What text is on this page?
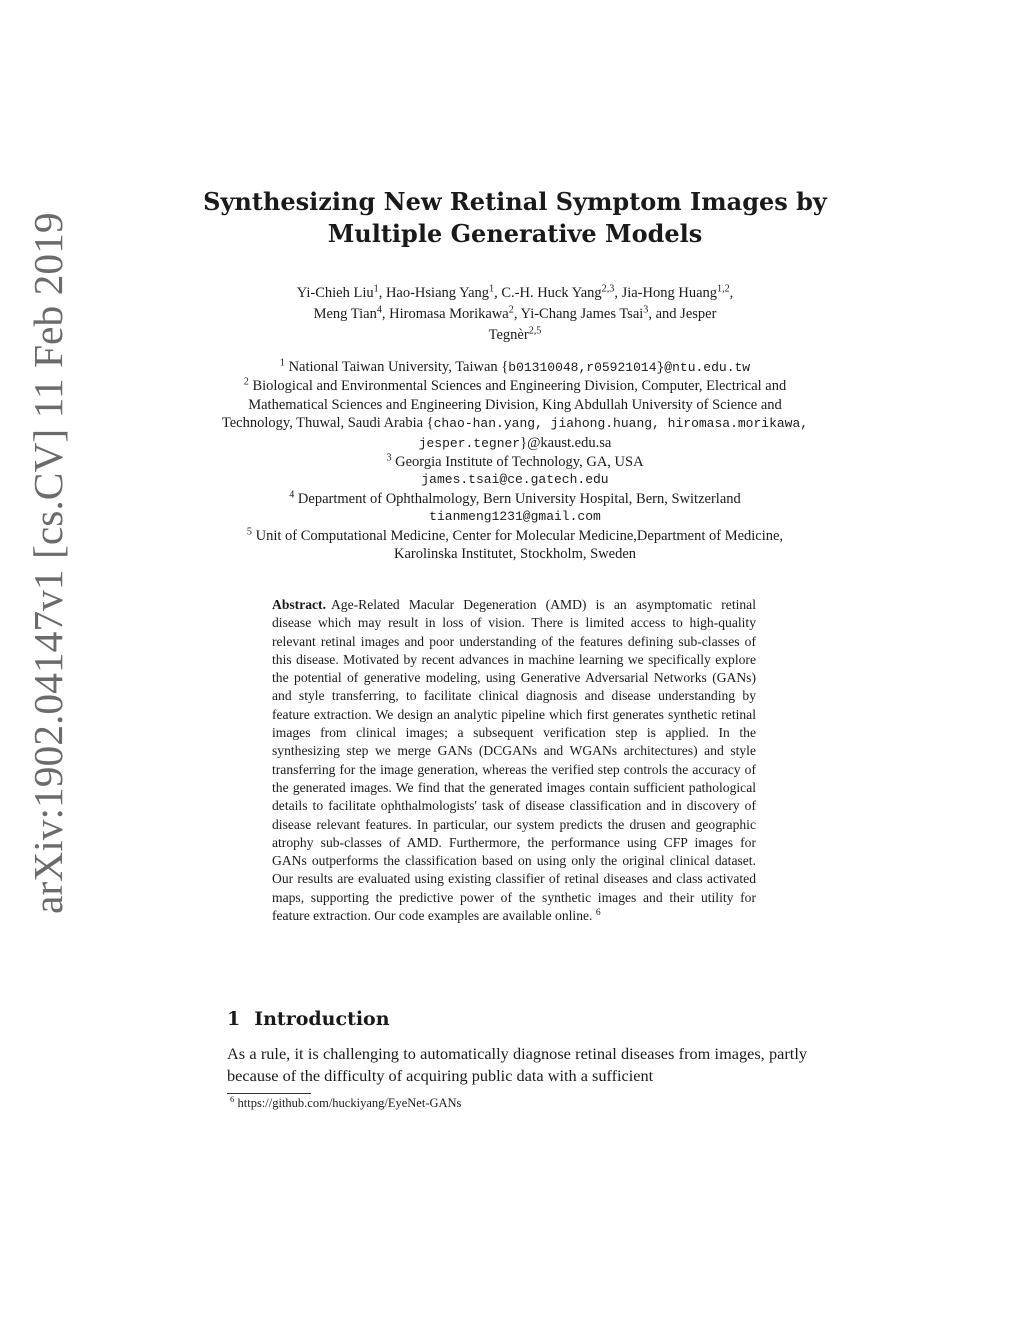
arXiv:1902.04147v1 [cs.CV] 11 Feb 2019
Synthesizing New Retinal Symptom Images by
Multiple Generative Models
Yi-Chieh Liu$^1$, Hao-Hsiang Yang$^1$, C.-H. Huck Yang$^{2,3}$, Jia-Hong Huang$^{1,2}$,
Meng Tian$^4$, Hiromasa Morikawa$^2$, Yi-Chang James Tsai$^3$, and Jesper
Tegnèr$^{2,5}$
$^1$ National Taiwan University, Taiwan {b01310048,r05921014}@ntu.edu.tw
$^2$ Biological and Environmental Sciences and Engineering Division, Computer, Electrical and Mathematical Sciences and Engineering Division, King Abdullah University of Science and Technology, Thuwal, Saudi Arabia {chao-han.yang, jiahong.huang, hiromasa.morikawa, jesper.tegner}@kaust.edu.sa
$^3$ Georgia Institute of Technology, GA, USA
james.tsai@ce.gatech.edu
$^4$ Department of Ophthalmology, Bern University Hospital, Bern, Switzerland
tianmeng1231@gmail.com
$^5$ Unit of Computational Medicine, Center for Molecular Medicine,Department of Medicine, Karolinska Institutet, Stockholm, Sweden
Abstract. Age-Related Macular Degeneration (AMD) is an asymptomatic retinal disease which may result in loss of vision. There is limited access to high-quality relevant retinal images and poor understanding of the features defining sub-classes of this disease. Motivated by recent advances in machine learning we specifically explore the potential of generative modeling, using Generative Adversarial Networks (GANs) and style transferring, to facilitate clinical diagnosis and disease understanding by feature extraction. We design an analytic pipeline which first generates synthetic retinal images from clinical images; a subsequent verification step is applied. In the synthesizing step we merge GANs (DCGANs and WGANs architectures) and style transferring for the image generation, whereas the verified step controls the accuracy of the generated images. We find that the generated images contain sufficient pathological details to facilitate ophthalmologists' task of disease classification and in discovery of disease relevant features. In particular, our system predicts the drusen and geographic atrophy sub-classes of AMD. Furthermore, the performance using CFP images for GANs outperforms the classification based on using only the original clinical dataset. Our results are evaluated using existing classifier of retinal diseases and class activated maps, supporting the predictive power of the synthetic images and their utility for feature extraction. Our code examples are available online. $^6$
1 Introduction
As a rule, it is challenging to automatically diagnose retinal diseases from images, partly because of the difficulty of acquiring public data with a sufficient
$^6$ https://github.com/huckiyang/EyeNet-GANs
